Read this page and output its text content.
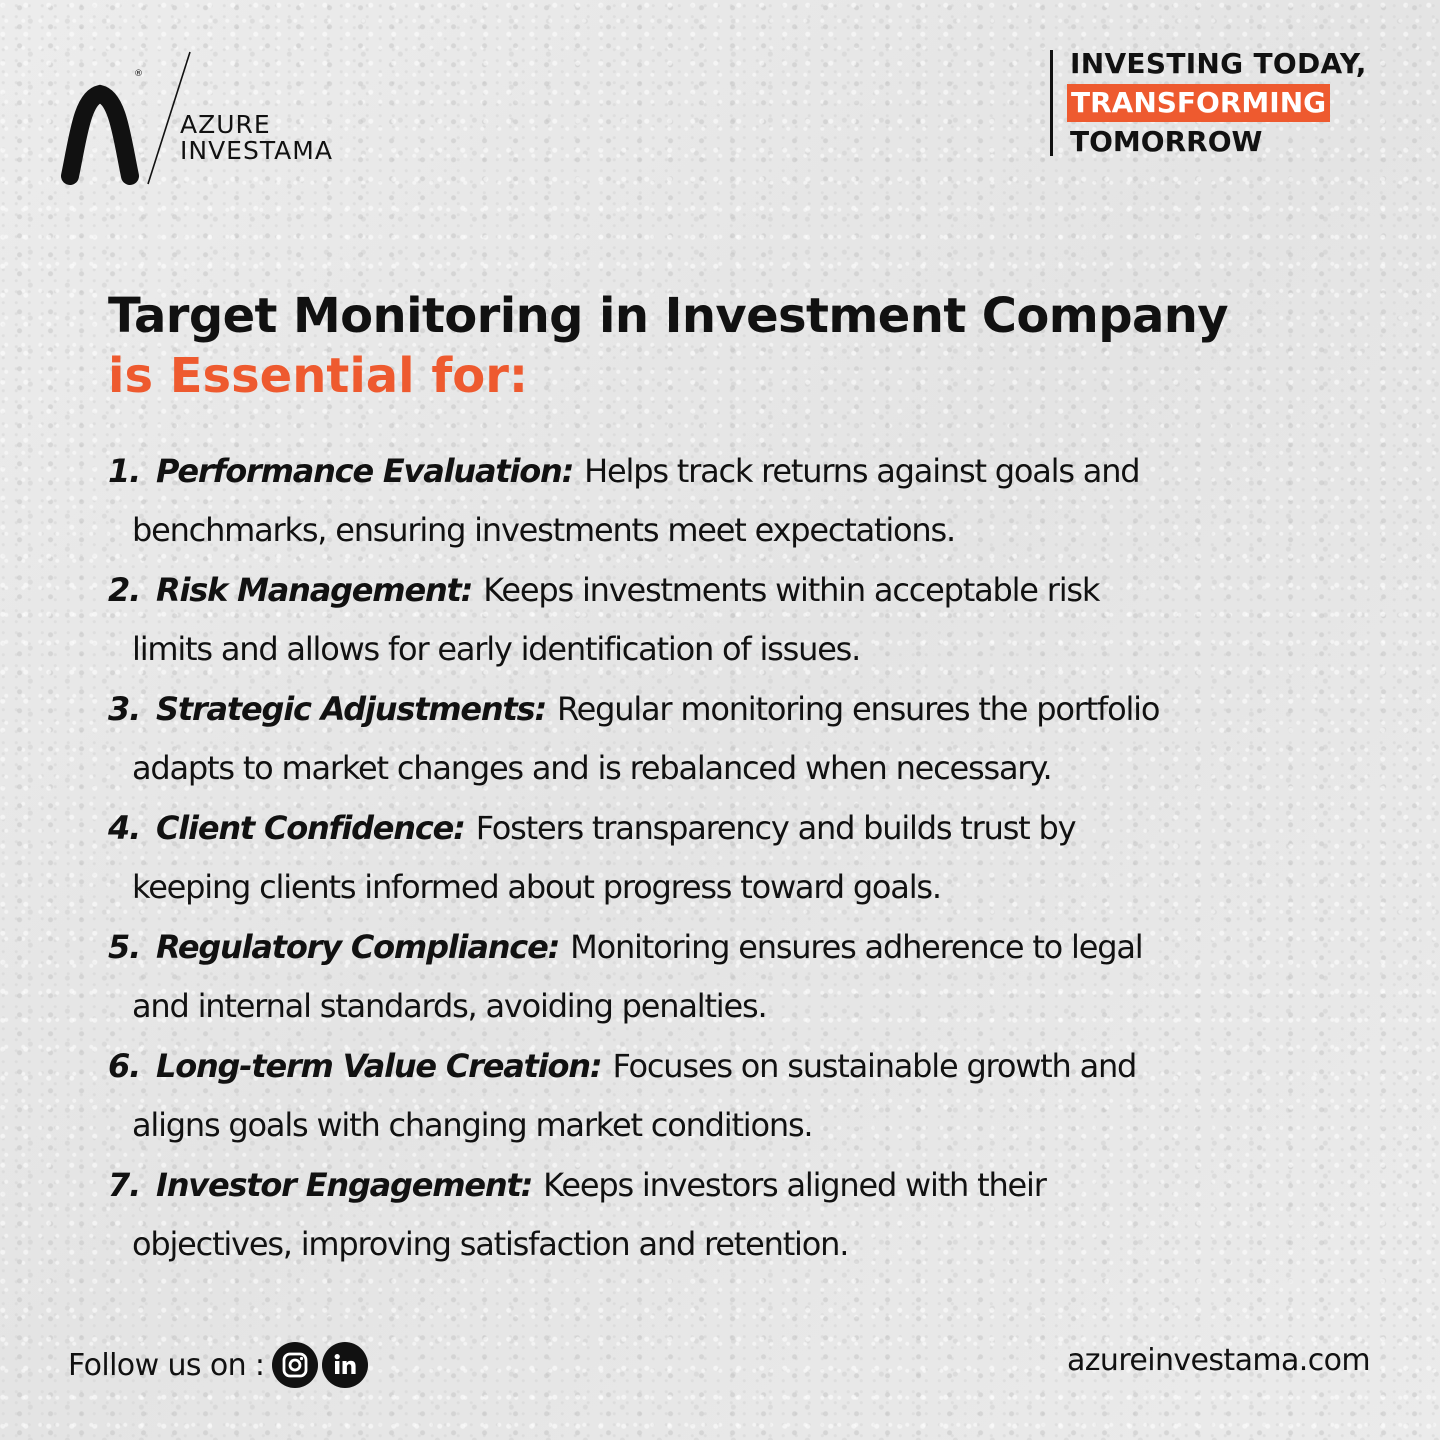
®
AZURE
INVESTAMA
INVESTING TODAY,
TRANSFORMING
TOMORROW
Target Monitoring in Investment Company
is Essential for:
1. Performance Evaluation: Helps track returns against goals and
benchmarks, ensuring investments meet expectations.
2. Risk Management: Keeps investments within acceptable risk
limits and allows for early identification of issues.
3. Strategic Adjustments: Regular monitoring ensures the portfolio
adapts to market changes and is rebalanced when necessary.
4. Client Confidence: Fosters transparency and builds trust by
keeping clients informed about progress toward goals.
5. Regulatory Compliance: Monitoring ensures adherence to legal
and internal standards, avoiding penalties.
6. Long-term Value Creation: Focuses on sustainable growth and
aligns goals with changing market conditions.
7. Investor Engagement: Keeps investors aligned with their
objectives, improving satisfaction and retention.
Follow us on :	azureinvestama.com
